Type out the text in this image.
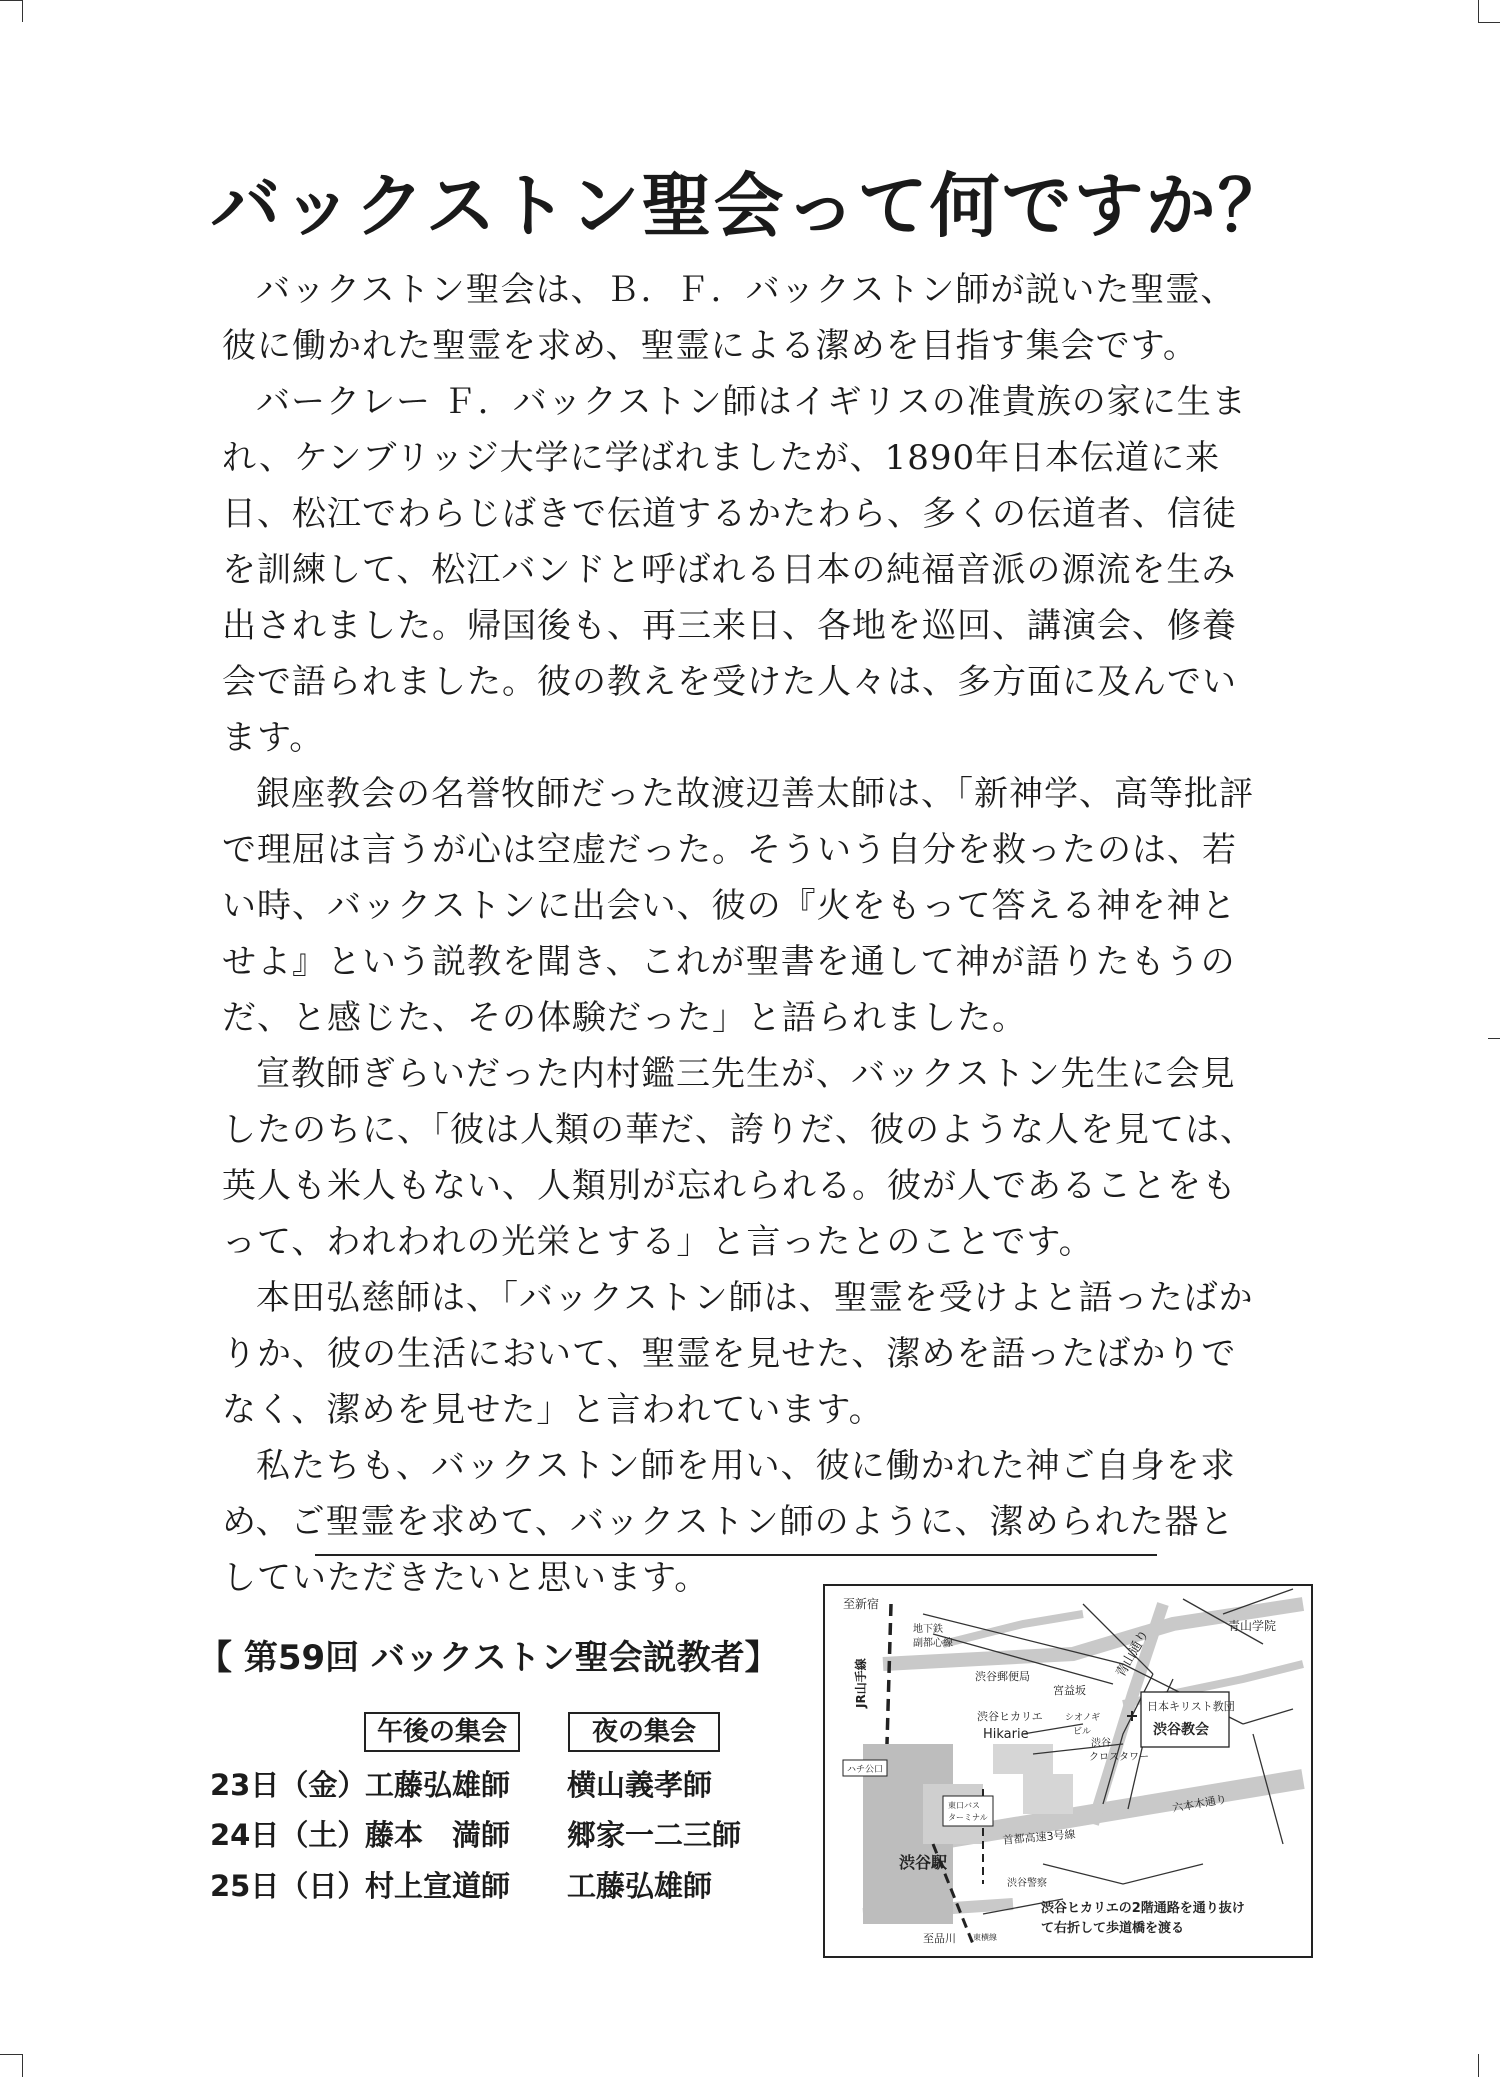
バックストン聖会って何ですか？

バックストン聖会は、Ｂ．Ｆ．バックストン師が説いた聖霊、彼に働かれた聖霊を求め、聖霊による潔めを目指す集会です。

バークレー Ｆ．バックストン師はイギリスの准貴族の家に生まれ、ケンブリッジ大学に学ばれましたが、1890年日本伝道に来日、松江でわらじばきで伝道するかたわら、多くの伝道者、信徒を訓練して、松江バンドと呼ばれる日本の純福音派の源流を生み出されました。帰国後も、再三来日、各地を巡回、講演会、修養会で語られました。彼の教えを受けた人々は、多方面に及んでいます。

銀座教会の名誉牧師だった故渡辺善太師は、「新神学、高等批評で理屈は言うが心は空虚だった。そういう自分を救ったのは、若い時、バックストンに出会い、彼の『火をもって答える神を神とせよ』という説教を聞き、これが聖書を通して神が語りたもうのだ、と感じた、その体験だった」と語られました。

宣教師ぎらいだった内村鑑三先生が、バックストン先生に会見したのちに、「彼は人類の華だ、誇りだ、彼のような人を見ては、英人も米人もない、人類別が忘れられる。彼が人であることをもって、われわれの光栄とする」と言ったとのことです。

本田弘慈師は、「バックストン師は、聖霊を受けよと語ったばかりか、彼の生活において、聖霊を見せた、潔めを語ったばかりでなく、潔めを見せた」と言われています。

私たちも、バックストン師を用い、彼に働かれた神ご自身を求め、ご聖霊を求めて、バックストン師のように、潔められた器としていただきたいと思います。

【 第59回 バックストン聖会説教者】
午後の集会	夜の集会
23日（金）
工藤弘雄師 横山義孝師
24日（土）
藤本　満師 郷家一二三師
25日（日）
村上宣道師 工藤弘雄師
至新宿
地下鉄
副都心線
JR山手線	渋谷郵便局
宮益坂
青山通り
青山学院
日本キリスト教団
渋谷教会
渋谷ヒカリエ
Hikarie
シオノギ
ビル
渋谷
クロスタワー
ハチ公口
東口バス
ターミナル
首都高速3号線
六本木通り
渋谷駅
渋谷警察
至品川 東横線
渋谷ヒカリエの2階通路を通り抜け
て右折して歩道橋を渡る
